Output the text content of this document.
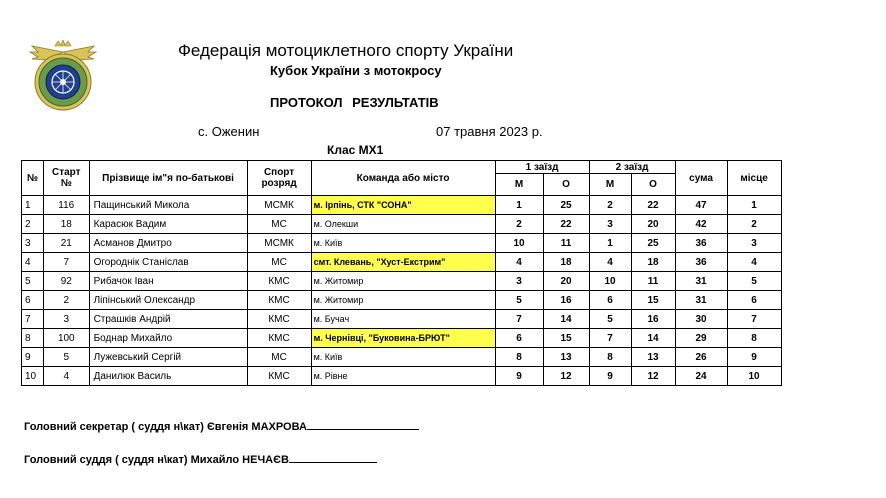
Федерація мотоциклетного спорту України
Кубок України з мотокросу
ПРОТОКОЛ РЕЗУЛЬТАТІВ
с. Оженин	07 травня 2023 р.
Клас МХ1
№	Старт №	Прізвище ім"я по-батькові	Спорт розряд	Команда або місто	1 заїзд		2 заїзд		сума	місце
					М	О	М	О		
1	116	Пащинський Микола	МСМК	м. Ірпінь, СТК "СОНА"	1	25	2	22	47	1
2	18	Карасюк Вадим	МС	м. Олекши	2	22	3	20	42	2
3	21	Асманов Дмитро	МСМК	м. Київ	10	11	1	25	36	3
4	7	Огороднік Станіслав	МС	смт. Клевань, "Хуст-Екстрим"	4	18	4	18	36	4
5	92	Рибачок Іван	КМС	м. Житомир	3	20	10	11	31	5
6	2	Ліпінський Олександр	КМС	м. Житомир	5	16	6	15	31	6
7	3	Страшків Андрій	КМС	м. Бучач	7	14	5	16	30	7
8	100	Боднар Михайло	КМС	м. Чернівці, "Буковина-БРЮТ"	6	15	7	14	29	8
9	5	Лужевський Сергій	МС	м. Київ	8	13	8	13	26	9
10	4	Данилюк Василь	КМС	м. Рівне	9	12	9	12	24	10
Головний секретар ( суддя н\кат) Євгенія МАХРОВА
Головний суддя ( суддя н\кат) Михайло НЕЧАЄВ
